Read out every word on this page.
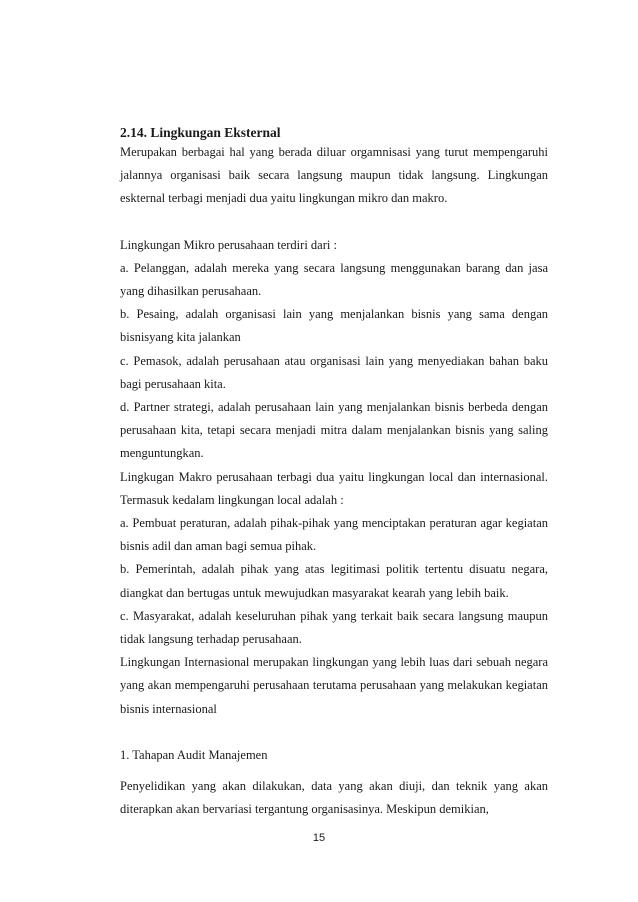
2.14. Lingkungan Eksternal

Merupakan berbagai hal yang berada diluar orgamnisasi yang turut mempengaruhi jalannya organisasi baik secara langsung maupun tidak langsung. Lingkungan eskternal terbagi menjadi dua yaitu lingkungan mikro dan makro.

Lingkungan Mikro perusahaan terdiri dari :

a. Pelanggan, adalah mereka yang secara langsung menggunakan barang dan jasa yang dihasilkan perusahaan.

b. Pesaing, adalah organisasi lain yang menjalankan bisnis yang sama dengan bisnisyang kita jalankan

c. Pemasok, adalah perusahaan atau organisasi lain yang menyediakan bahan baku bagi perusahaan kita.

d. Partner strategi, adalah perusahaan lain yang menjalankan bisnis berbeda dengan perusahaan kita, tetapi secara menjadi mitra dalam menjalankan bisnis yang saling menguntungkan.

Lingkugan Makro perusahaan terbagi dua yaitu lingkungan local dan internasional. Termasuk kedalam lingkungan local adalah :

a. Pembuat peraturan, adalah pihak-pihak yang menciptakan peraturan agar kegiatan bisnis adil dan aman bagi semua pihak.

b. Pemerintah, adalah pihak yang atas legitimasi politik tertentu disuatu negara, diangkat dan bertugas untuk mewujudkan masyarakat kearah yang lebih baik.

c. Masyarakat, adalah keseluruhan pihak yang terkait baik secara langsung maupun tidak langsung terhadap perusahaan.

Lingkungan Internasional merupakan lingkungan yang lebih luas dari sebuah negara yang akan mempengaruhi perusahaan terutama perusahaan yang melakukan kegiatan bisnis internasional

1. Tahapan Audit Manajemen

Penyelidikan yang akan dilakukan, data yang akan diuji, dan teknik yang akan diterapkan akan bervariasi tergantung organisasinya. Meskipun demikian,

15
